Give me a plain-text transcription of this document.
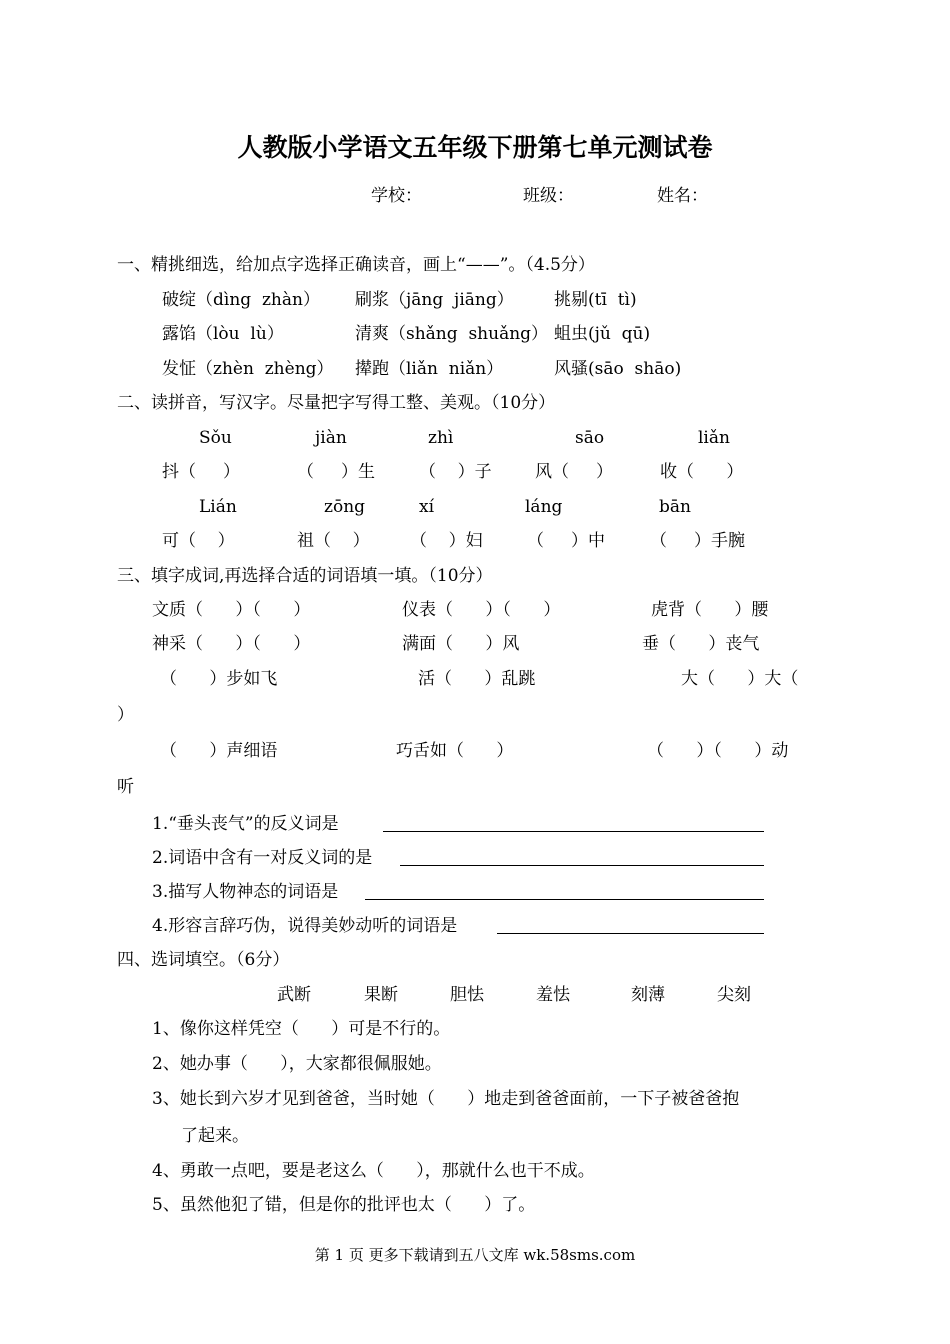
人教版小学语文五年级下册第七单元测试卷
学校：	班级：	姓名：
一、精挑细选，给加点字选择正确读音，画上“——”。（4.5分）
破绽（dìng  zhàn） 刷浆（jāng  jiāng） 挑剔(tī  tì)
露馅（lòu  lù）	清爽（shǎng  shuǎng） 蛆虫(jǔ  qū)
发怔（zhèn  zhèng） 撵跑（liǎn  niǎn）	风骚(sāo  shāo)
二、读拼音，写汉字。尽量把字写得工整、美观。（10分）
Sǒu	jiàn	zhì	sāo	liǎn
抖（     ）	（     ）生	（    ）子	风（     ）	收（      ）
Lián	zōng	xí	láng	bān
可（    ）	祖（    ） （    ）妇	（     ）中	（     ）手腕
三、填字成词,再选择合适的词语填一填。（10分）
文质（      ）（      ）	仪表（      ）（      ）	虎背（      ）腰
神采（      ）（      ）	满面（      ）风	垂（      ）丧气
（      ）步如飞	活（      ）乱跳	大（      ）大（
）
（      ）声细语	巧舌如（      ）	（      ）（      ）动
听
1.“垂头丧气”的反义词是
2.词语中含有一对反义词的是
3.描写人物神态的词语是
4.形容言辞巧伪，说得美妙动听的词语是
四、选词填空。（6分）
武断	果断	胆怯	羞怯	刻薄	尖刻
1、像你这样凭空（      ）可是不行的。
2、她办事（      ），大家都很佩服她。
3、她长到六岁才见到爸爸，当时她（      ）地走到爸爸面前，一下子被爸爸抱
了起来。
4、勇敢一点吧，要是老这么（      ），那就什么也干不成。
5、虽然他犯了错，但是你的批评也太（      ）了。
第 1 页 更多下载请到五八文库 wk.58sms.com
